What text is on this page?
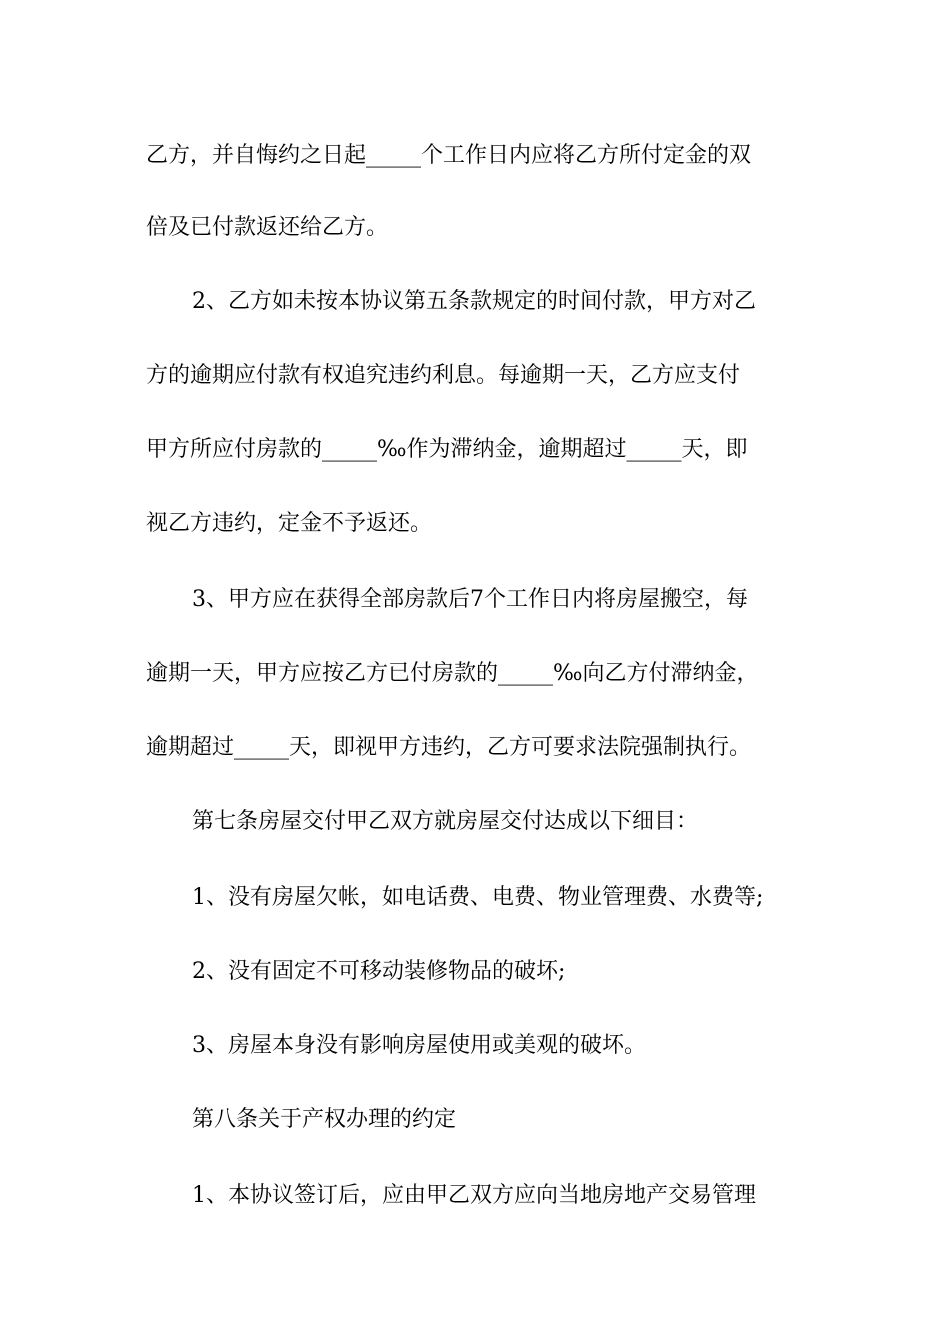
乙方，并自悔约之日起_____个工作日内应将乙方所付定金的双
倍及已付款返还给乙方。
2、乙方如未按本协议第五条款规定的时间付款，甲方对乙
方的逾期应付款有权追究违约利息。每逾期一天，乙方应支付
甲方所应付房款的_____‰作为滞纳金，逾期超过_____天，即
视乙方违约，定金不予返还。
3、甲方应在获得全部房款后7个工作日内将房屋搬空，每
逾期一天，甲方应按乙方已付房款的_____‰向乙方付滞纳金，
逾期超过_____天，即视甲方违约，乙方可要求法院强制执行。
第七条房屋交付甲乙双方就房屋交付达成以下细目：
1、没有房屋欠帐，如电话费、电费、物业管理费、水费等;
2、没有固定不可移动装修物品的破坏;
3、房屋本身没有影响房屋使用或美观的破坏。
第八条关于产权办理的约定
1、本协议签订后，应由甲乙双方应向当地房地产交易管理
